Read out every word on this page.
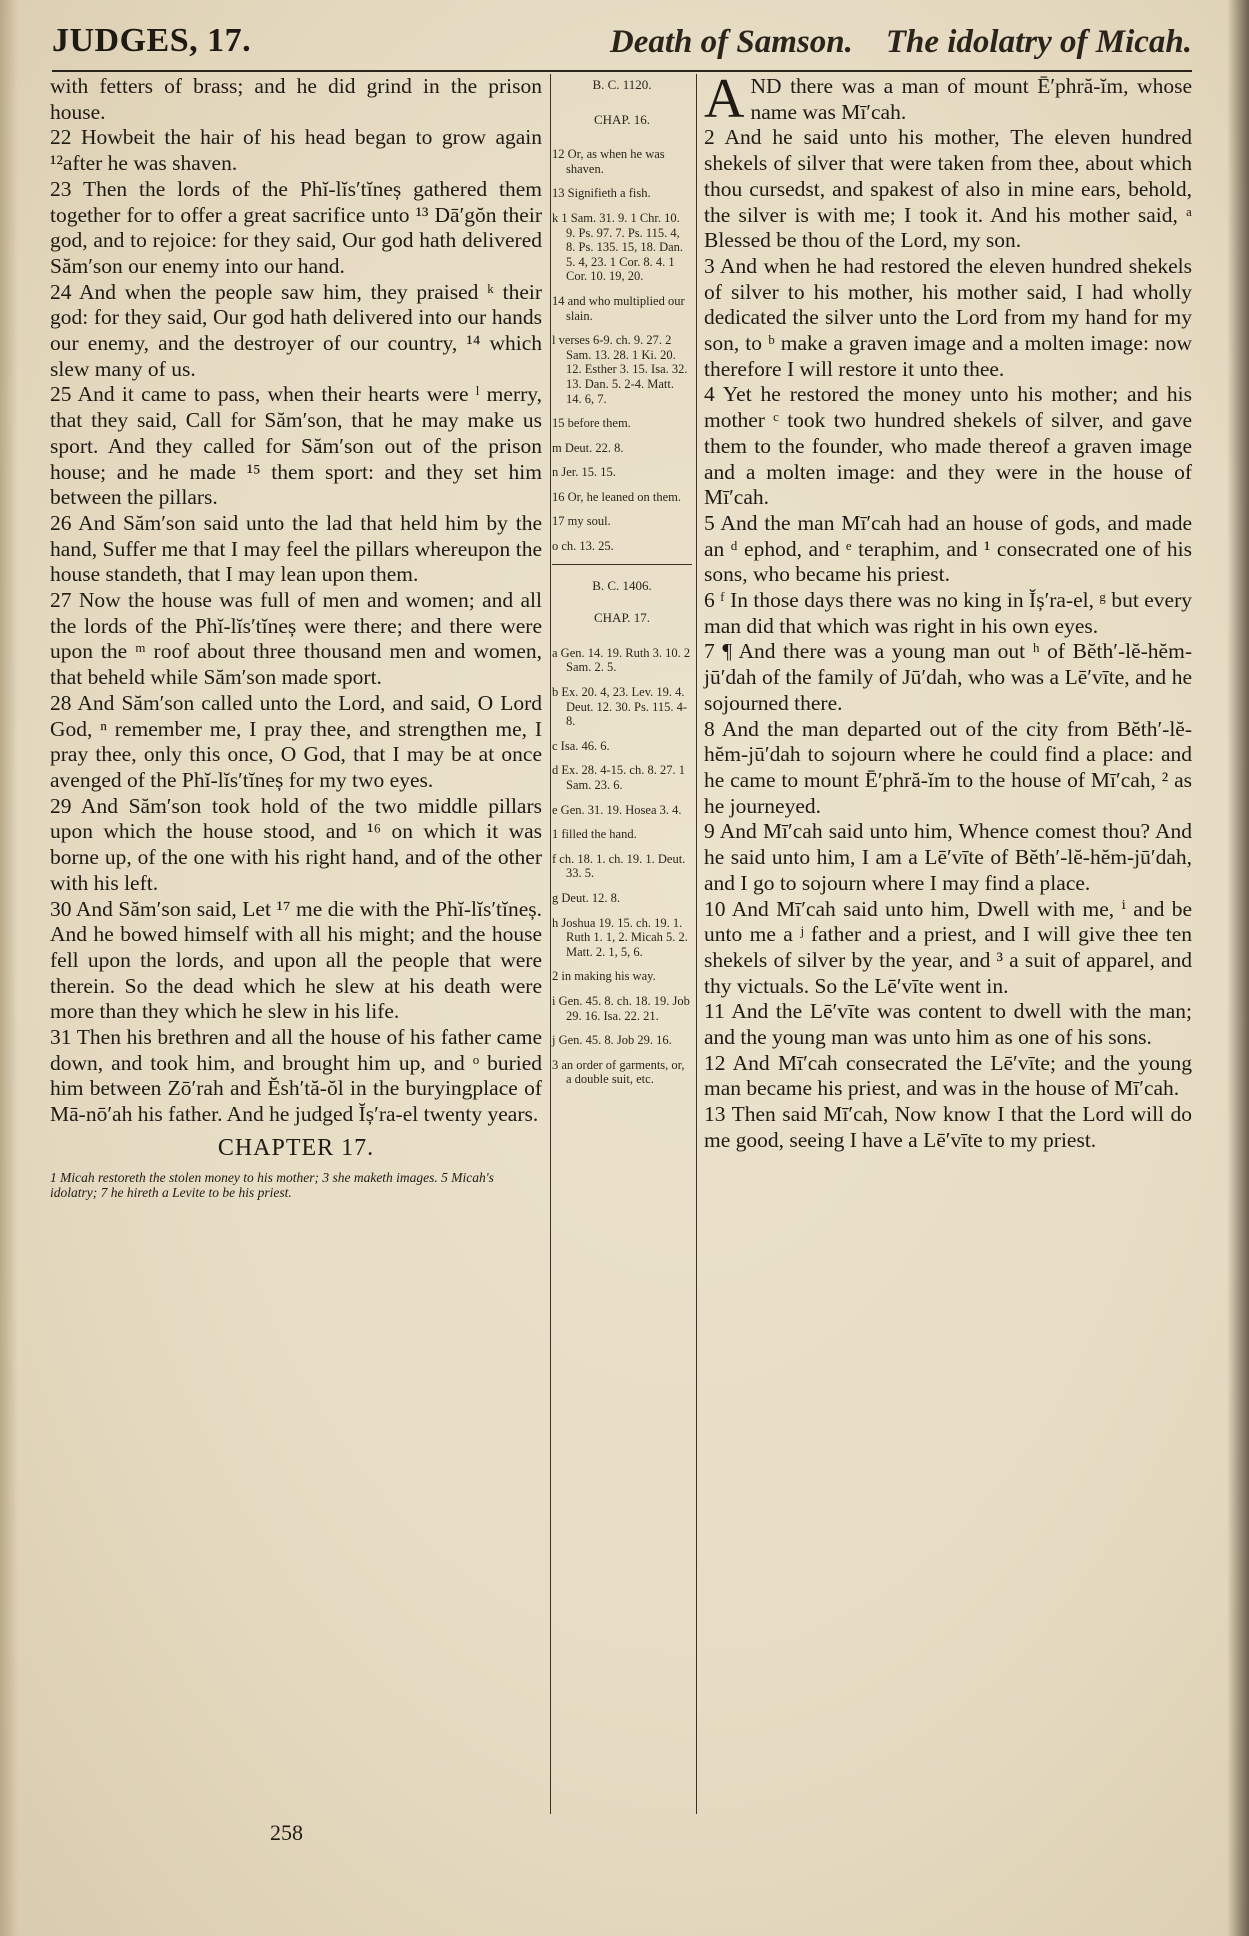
JUDGES, 17.	Death of Samson. The idolatry of Micah.

with fetters of brass; and he did grind in the prison house.

22 Howbeit the hair of his head began to grow again ¹²after he was shaven.

23 Then the lords of the Phĭ-lĭs′tĭneș gathered them together for to offer a great sacrifice unto ¹³ Dā′gŏn their god, and to rejoice: for they said, Our god hath delivered Săm′son our enemy into our hand.

24 And when the people saw him, they praised ᵏ their god: for they said, Our god hath delivered into our hands our enemy, and the destroyer of our country, ¹⁴ which slew many of us.

25 And it came to pass, when their hearts were ˡ merry, that they said, Call for Săm′son, that he may make us sport. And they called for Săm′son out of the prison house; and he made ¹⁵ them sport: and they set him between the pillars.

26 And Săm′son said unto the lad that held him by the hand, Suffer me that I may feel the pillars whereupon the house standeth, that I may lean upon them.

27 Now the house was full of men and women; and all the lords of the Phĭ-lĭs′tĭneș were there; and there were upon the ᵐ roof about three thousand men and women, that beheld while Săm′son made sport.

28 And Săm′son called unto the Lord, and said, O Lord God, ⁿ remember me, I pray thee, and strengthen me, I pray thee, only this once, O God, that I may be at once avenged of the Phĭ-lĭs′tĭneș for my two eyes.

29 And Săm′son took hold of the two middle pillars upon which the house stood, and ¹⁶ on which it was borne up, of the one with his right hand, and of the other with his left.

30 And Săm′son said, Let ¹⁷ me die with the Phĭ-lĭs′tĭneș. And he bowed himself with all his might; and the house fell upon the lords, and upon all the people that were therein. So the dead which he slew at his death were more than they which he slew in his life.

31 Then his brethren and all the house of his father came down, and took him, and brought him up, and ᵒ buried him between Zō′rah and Ĕsh′tă-ŏl in the buryingplace of Mā-nō′ah his father. And he judged Ĭș′ra-el twenty years.

CHAPTER 17.
1 Micah restoreth the stolen money to his mother; 3 she maketh images. 5 Micah's idolatry; 7 he hireth a Levite to be his priest.
B. C. 1120.
CHAP. 16.
12 Or, as when he was shaven.
13 Signifieth a fish.
k 1 Sam. 31. 9. 1 Chr. 10. 9. Ps. 97. 7. Ps. 115. 4, 8. Ps. 135. 15, 18. Dan. 5. 4, 23. 1 Cor. 8. 4. 1 Cor. 10. 19, 20.
14 and who multiplied our slain.
l verses 6-9. ch. 9. 27. 2 Sam. 13. 28. 1 Ki. 20. 12. Esther 3. 15. Isa. 32. 13. Dan. 5. 2-4. Matt. 14. 6, 7.
15 before them.
m Deut. 22. 8.
n Jer. 15. 15.
16 Or, he leaned on them.
17 my soul.
o ch. 13. 25.
B. C. 1406.
CHAP. 17.
a Gen. 14. 19. Ruth 3. 10. 2 Sam. 2. 5.
b Ex. 20. 4, 23. Lev. 19. 4. Deut. 12. 30. Ps. 115. 4-8.
c Isa. 46. 6.
d Ex. 28. 4-15. ch. 8. 27. 1 Sam. 23. 6.
e Gen. 31. 19. Hosea 3. 4.
1 filled the hand.
f ch. 18. 1. ch. 19. 1. Deut. 33. 5.
g Deut. 12. 8.
h Joshua 19. 15. ch. 19. 1. Ruth 1. 1, 2. Micah 5. 2. Matt. 2. 1, 5, 6.
2 in making his way.
i Gen. 45. 8. ch. 18. 19. Job 29. 16. Isa. 22. 21.
j Gen. 45. 8. Job 29. 16.
3 an order of garments, or, a double suit, etc.

AND there was a man of mount Ē′phră-ĭm, whose name was Mī′cah.

2 And he said unto his mother, The eleven hundred shekels of silver that were taken from thee, about which thou cursedst, and spakest of also in mine ears, behold, the silver is with me; I took it. And his mother said, ᵃ Blessed be thou of the Lord, my son.

3 And when he had restored the eleven hundred shekels of silver to his mother, his mother said, I had wholly dedicated the silver unto the Lord from my hand for my son, to ᵇ make a graven image and a molten image: now therefore I will restore it unto thee.

4 Yet he restored the money unto his mother; and his mother ᶜ took two hundred shekels of silver, and gave them to the founder, who made thereof a graven image and a molten image: and they were in the house of Mī′cah.

5 And the man Mī′cah had an house of gods, and made an ᵈ ephod, and ᵉ teraphim, and ¹ consecrated one of his sons, who became his priest.

6 ᶠ In those days there was no king in Ĭș′ra-el, ᵍ but every man did that which was right in his own eyes.

7 ¶ And there was a young man out ʰ of Bĕth′-lĕ-hĕm-jū′dah of the family of Jū′dah, who was a Lē′vīte, and he sojourned there.

8 And the man departed out of the city from Bĕth′-lĕ-hĕm-jū′dah to sojourn where he could find a place: and he came to mount Ē′phră-ĭm to the house of Mī′cah, ² as he journeyed.

9 And Mī′cah said unto him, Whence comest thou? And he said unto him, I am a Lē′vīte of Bĕth′-lĕ-hĕm-jū′dah, and I go to sojourn where I may find a place.

10 And Mī′cah said unto him, Dwell with me, ⁱ and be unto me a ʲ father and a priest, and I will give thee ten shekels of silver by the year, and ³ a suit of apparel, and thy victuals. So the Lē′vīte went in.

11 And the Lē′vīte was content to dwell with the man; and the young man was unto him as one of his sons.

12 And Mī′cah consecrated the Lē′vīte; and the young man became his priest, and was in the house of Mī′cah.

13 Then said Mī′cah, Now know I that the Lord will do me good, seeing I have a Lē′vīte to my priest.

258
